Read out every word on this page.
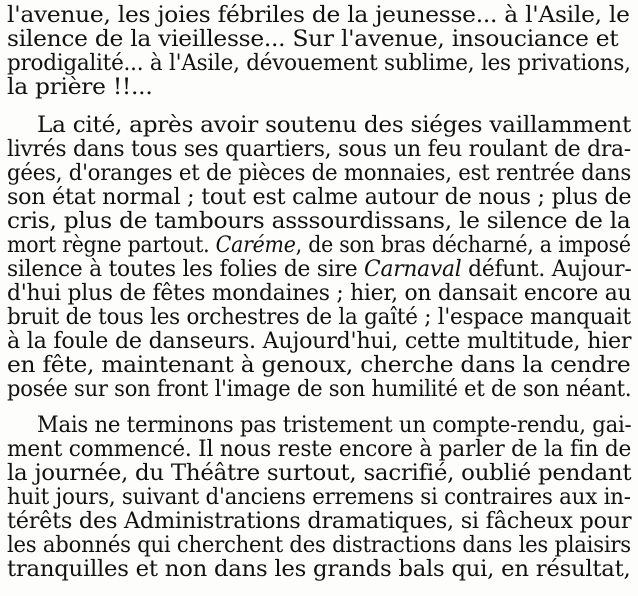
l'avenue, les joies fébriles de la jeunesse... à l'Asile, le
silence de la vieillesse... Sur l'avenue, insouciance et
prodigalité... à l'Asile, dévouement sublime, les privations,
la prière !!...
La cité, après avoir soutenu des siéges vaillamment
livrés dans tous ses quartiers, sous un feu roulant de dra-
gées, d'oranges et de pièces de monnaies, est rentrée dans
son état normal ; tout est calme autour de nous ; plus de
cris, plus de tambours asssourdissans, le silence de la
mort règne partout. Caréme, de son bras décharné, a imposé
silence à toutes les folies de sire Carnaval défunt. Aujour-
d'hui plus de fêtes mondaines ; hier, on dansait encore au
bruit de tous les orchestres de la gaîté ; l'espace manquait
à la foule de danseurs. Aujourd'hui, cette multitude, hier
en fête, maintenant à genoux, cherche dans la cendre
posée sur son front l'image de son humilité et de son néant.
Mais ne terminons pas tristement un compte-rendu, gai-
ment commencé. Il nous reste encore à parler de la fin de
la journée, du Théâtre surtout, sacrifié, oublié pendant
huit jours, suivant d'anciens erremens si contraires aux in-
térêts des Administrations dramatiques, si fâcheux pour
les abonnés qui cherchent des distractions dans les plaisirs
tranquilles et non dans les grands bals qui, en résultat,
